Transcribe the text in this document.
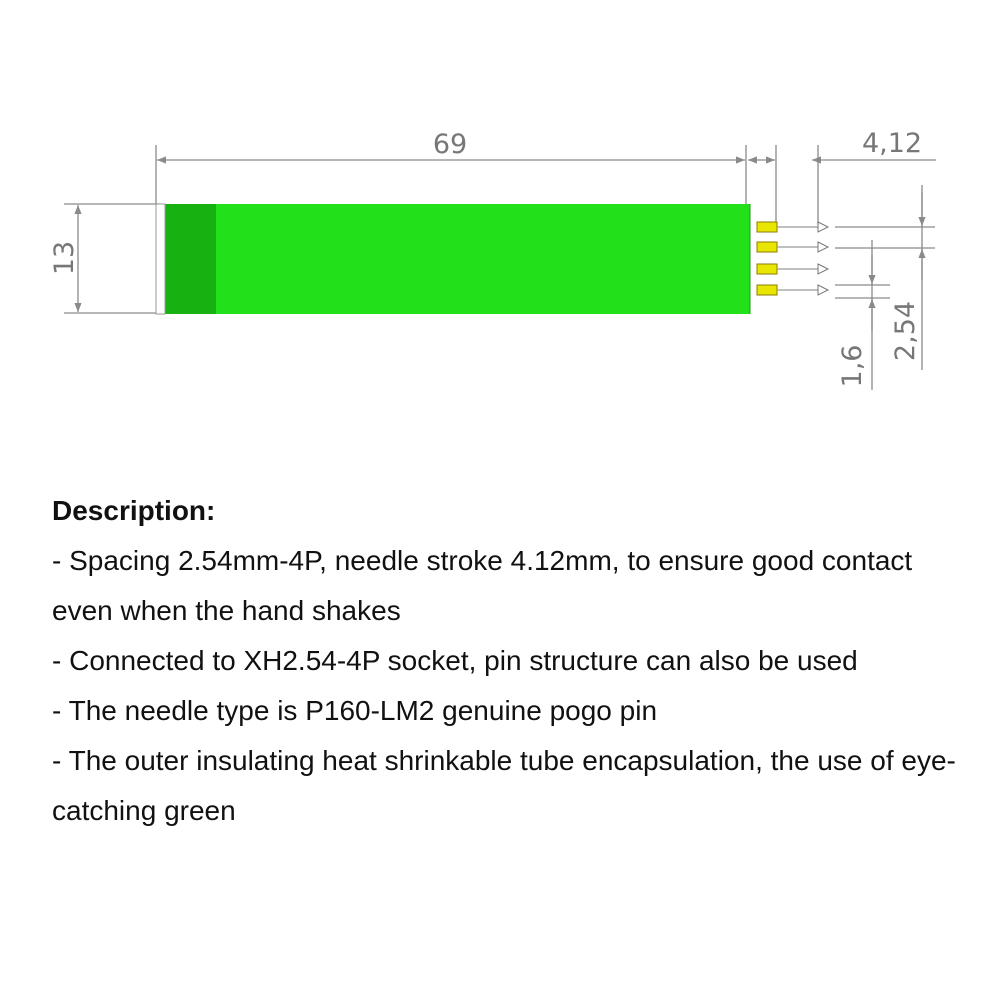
69	4,12
13
1,6
2,54
Description:
- Spacing 2.54mm-4P, needle stroke 4.12mm, to ensure good contact even when the hand shakes
- Connected to XH2.54-4P socket, pin structure can also be used
- The needle type is P160-LM2 genuine pogo pin
- The outer insulating heat shrinkable tube encapsulation, the use of eye-catching green
